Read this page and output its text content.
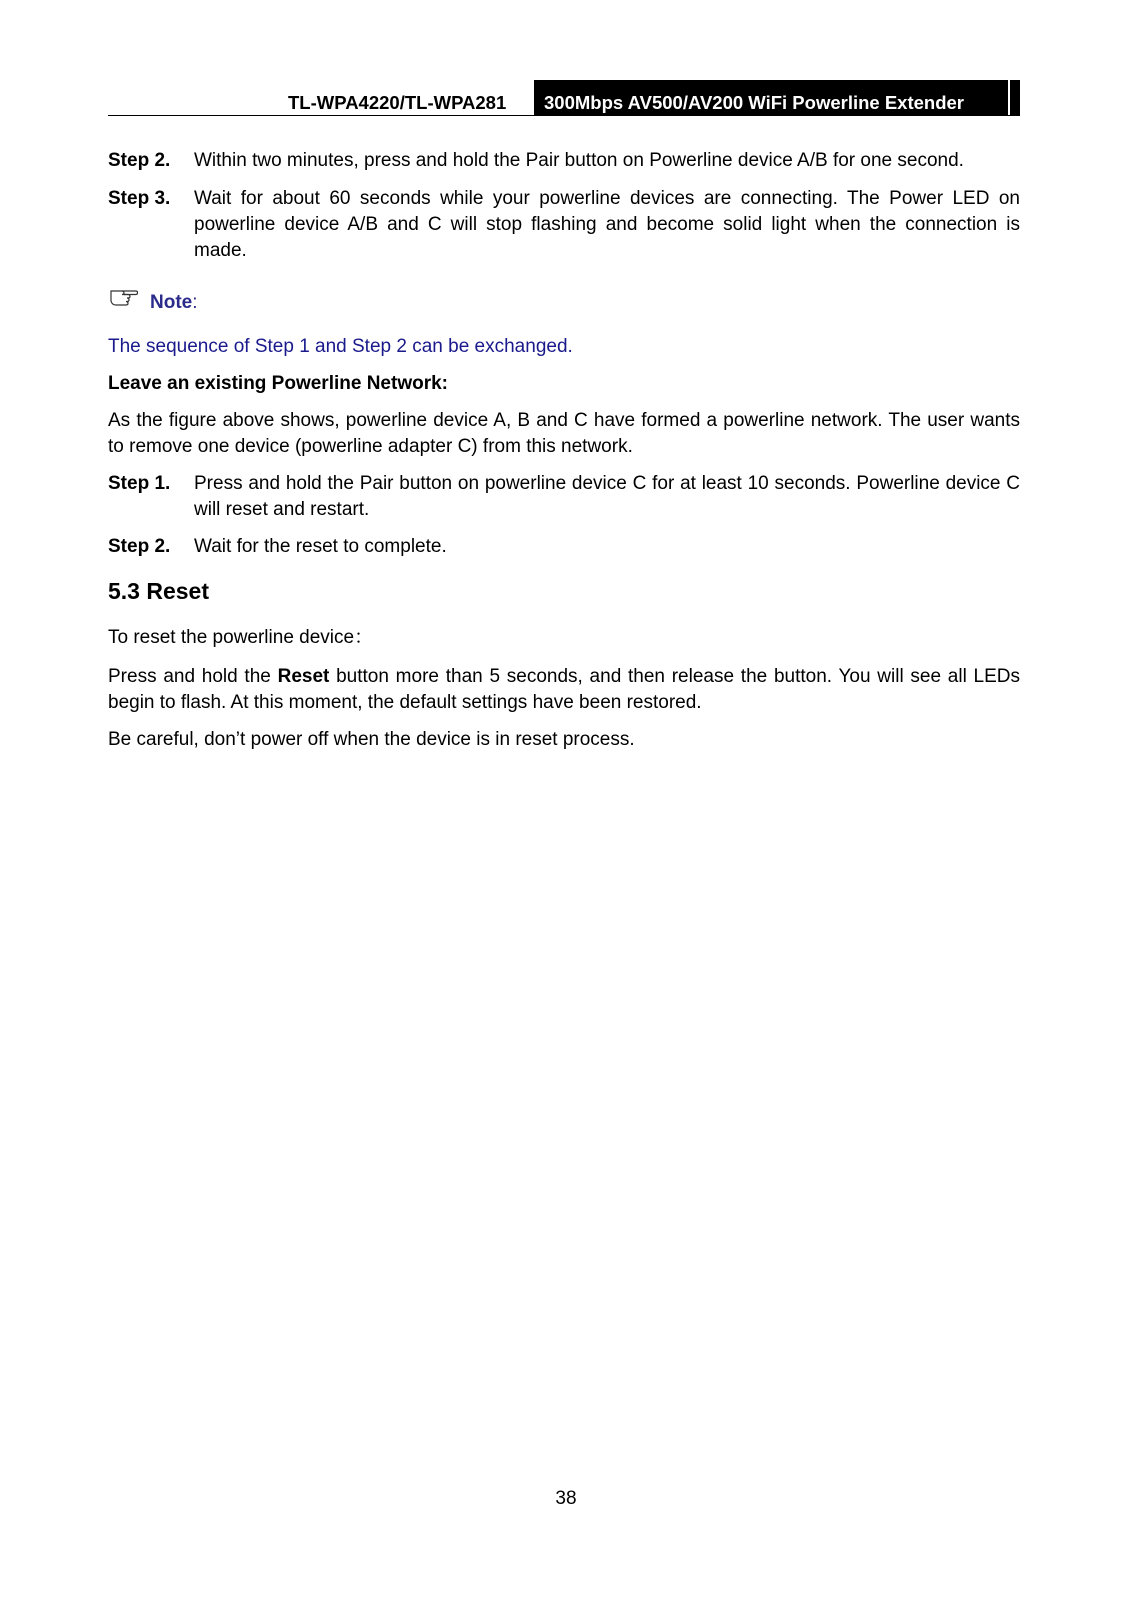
TL-WPA4220/TL-WPA281	300Mbps AV500/AV200 WiFi Powerline Extender
Step 2. Within two minutes, press and hold the Pair button on Powerline device A/B for one second.
Step 3. Wait for about 60 seconds while your powerline devices are connecting. The Power LED on powerline device A/B and C will stop flashing and become solid light when the connection is made.
Note:
The sequence of Step 1 and Step 2 can be exchanged.
Leave an existing Powerline Network:
As the figure above shows, powerline device A, B and C have formed a powerline network. The user wants to remove one device (powerline adapter C) from this network.
Step 1. Press and hold the Pair button on powerline device C for at least 10 seconds. Powerline device C will reset and restart.
Step 2. Wait for the reset to complete.
5.3 Reset
To reset the powerline device：
Press and hold the Reset button more than 5 seconds, and then release the button. You will see all LEDs begin to flash. At this moment, the default settings have been restored.
Be careful, don’t power off when the device is in reset process.
38
